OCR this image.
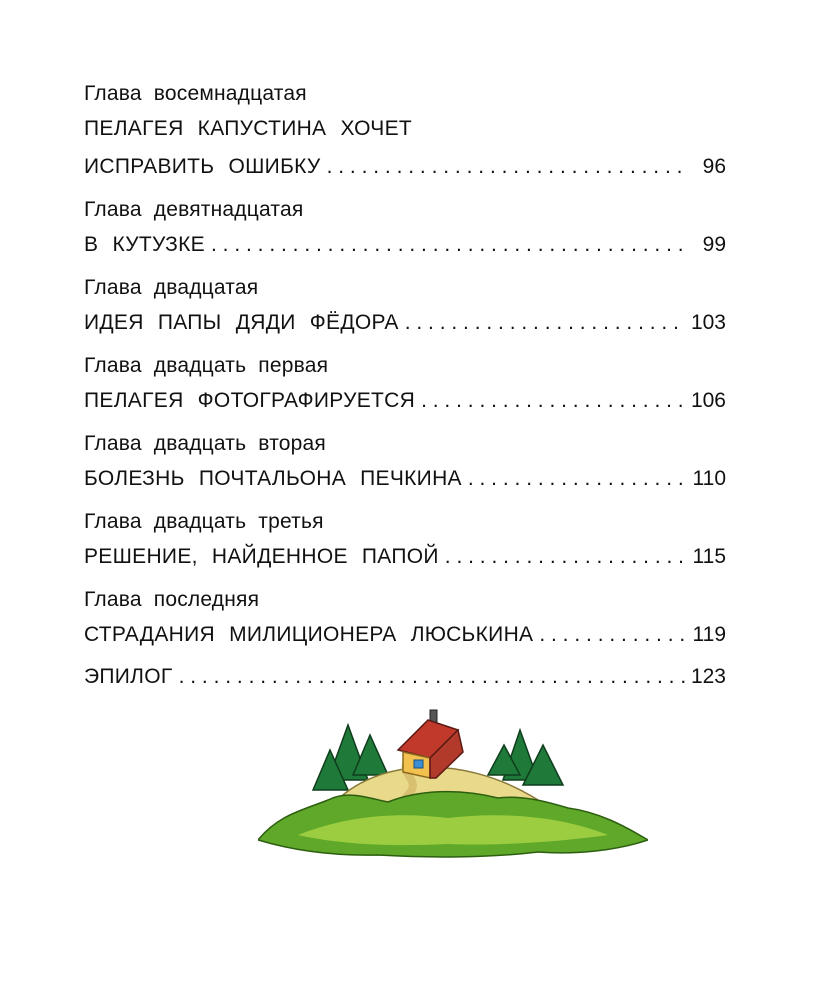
Глава восемнадцатая
ПЕЛАГЕЯ КАПУСТИНА ХОЧЕТ
ИСПРАВИТЬ ОШИБКУ . . .	96
Глава девятнадцатая
В КУТУЗКЕ . . .	99
Глава двадцатая
ИДЕЯ ПАПЫ ДЯДИ ФЁДОРА . . .	103
Глава двадцать первая
ПЕЛАГЕЯ ФОТОГРАФИРУЕТСЯ . . .	106
Глава двадцать вторая
БОЛЕЗНЬ ПОЧТАЛЬОНА ПЕЧКИНА . . .	110
Глава двадцать третья
РЕШЕНИЕ, НАЙДЕННОЕ ПАПОЙ . . .	115
Глава последняя
СТРАДАНИЯ МИЛИЦИОНЕРА ЛЮСЬКИНА . . .	119
ЭПИЛОГ . . .	123
